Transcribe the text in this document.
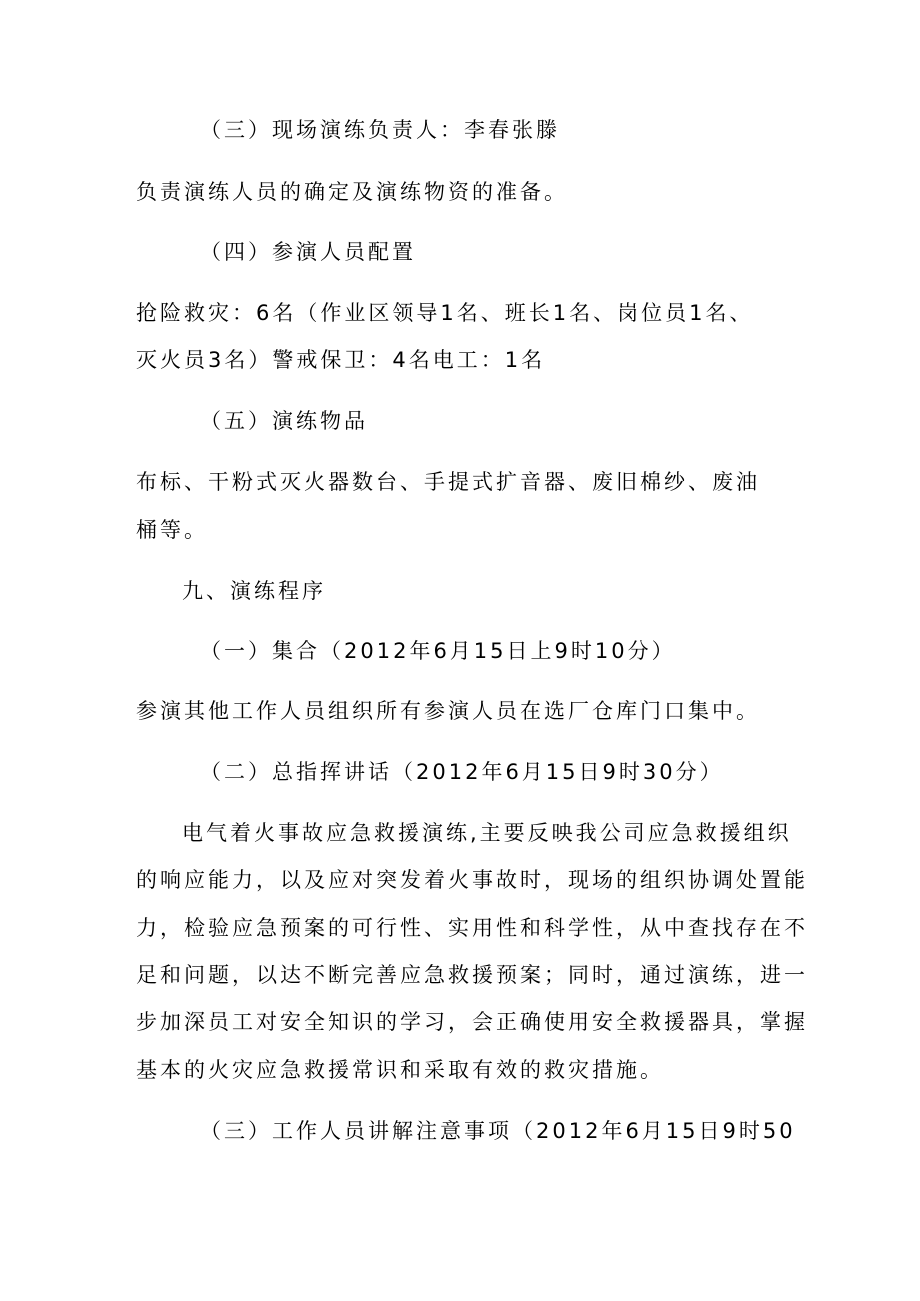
（三）现场演练负责人：李春张滕
负责演练人员的确定及演练物资的准备。
（四）参演人员配置
抢险救灾：6名（作业区领导1名、班长1名、岗位员1名、
灭火员3名）警戒保卫：4名电工：1名
（五）演练物品
布标、干粉式灭火器数台、手提式扩音器、废旧棉纱、废油
桶等。
九、演练程序
（一）集合（2012年6月15日上9时10分）
参演其他工作人员组织所有参演人员在选厂仓库门口集中。
（二）总指挥讲话（2012年6月15日9时30分）
电气着火事故应急救援演练,主要反映我公司应急救援组织
的响应能力，以及应对突发着火事故时，现场的组织协调处置能
力，检验应急预案的可行性、实用性和科学性，从中查找存在不
足和问题，以达不断完善应急救援预案；同时，通过演练，进一
步加深员工对安全知识的学习，会正确使用安全救援器具，掌握
基本的火灾应急救援常识和采取有效的救灾措施。
（三）工作人员讲解注意事项（2012年6月15日9时50
